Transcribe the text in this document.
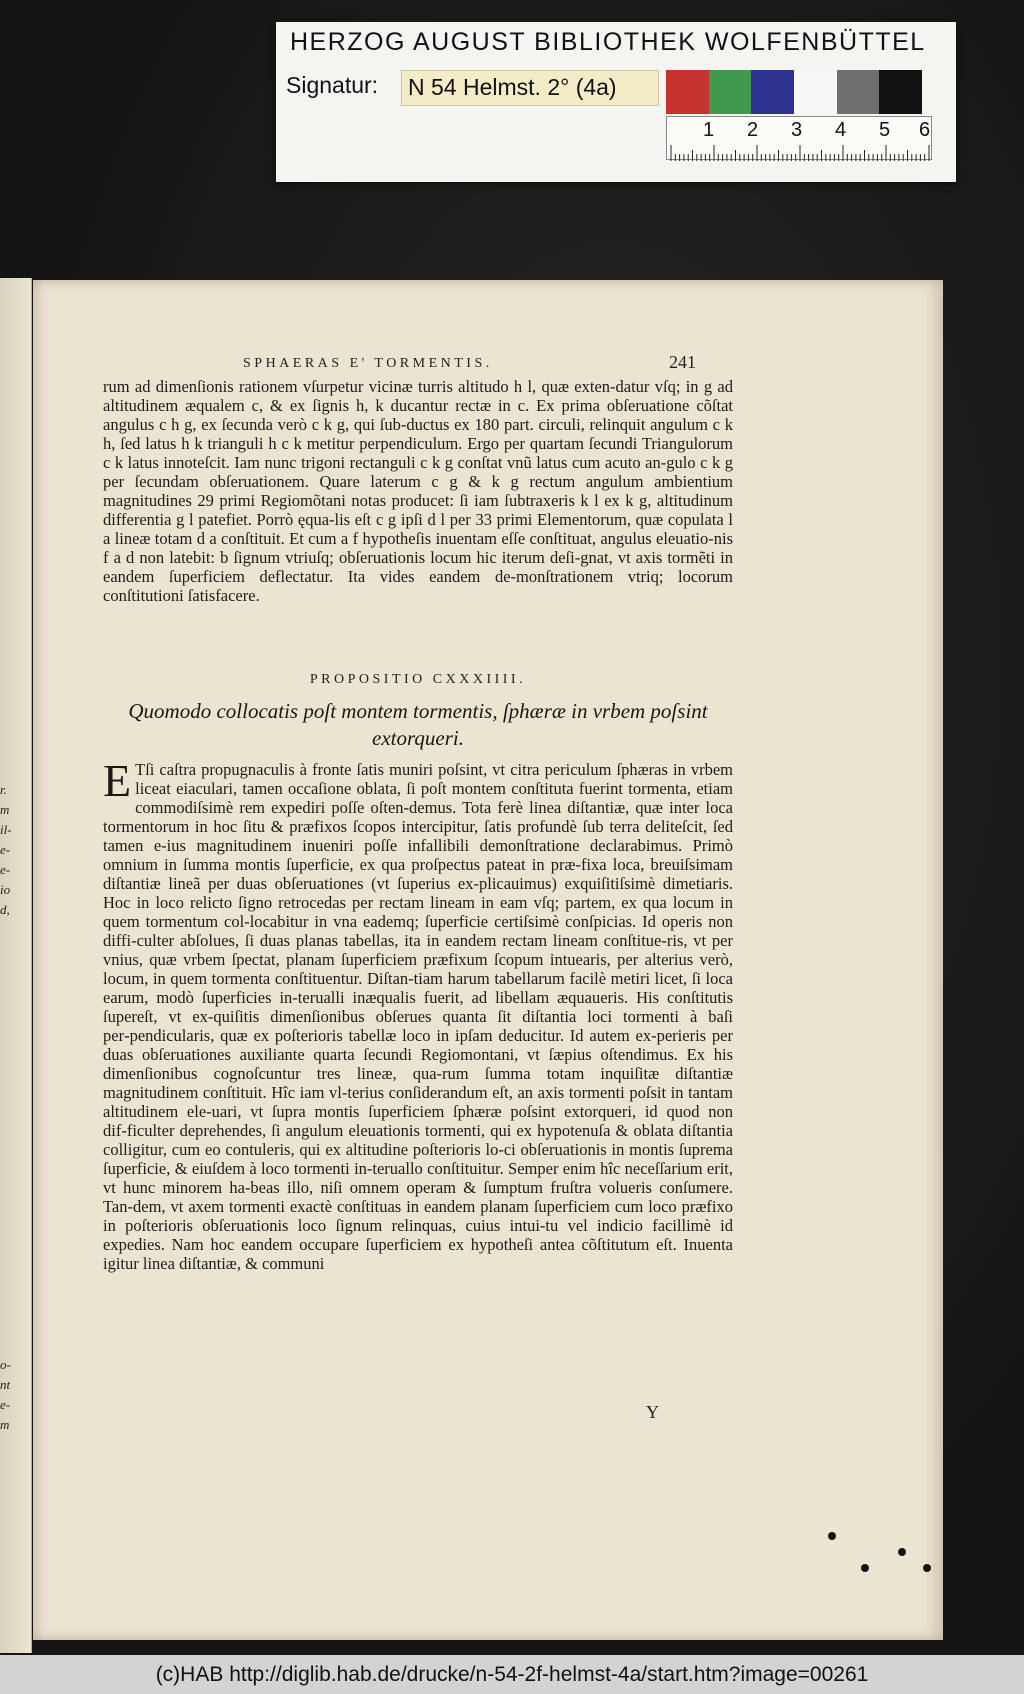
HERZOG AUGUST BIBLIOTHEK WOLFENBÜTTEL
Signatur: N 54 Helmst. 2° (4a)
1 2 3 4 5 6
r.
m
il-
e-
e-
io
d,
o-
nt
e-
m
SPHAERAS E' TORMENTIS.	241

rum ad dimenſionis rationem vſurpetur vicinæ turris altitudo h l, quæ exten‑datur vſq; in g ad altitudinem æqualem c, & ex ſignis h, k ducantur rectæ in c. Ex prima obſeruatione cõſtat angulus c h g, ex ſecunda verò c k g, qui ſub‑ductus ex 180 part. circuli, relinquit angulum c k h, ſed latus h k trianguli h c k metitur perpendiculum. Ergo per quartam ſecundi Triangulorum c k latus innoteſcit. Iam nunc trigoni rectanguli c k g conſtat vnũ latus cum acuto an‑gulo c k g per ſecundam obſeruationem. Quare laterum c g & k g rectum angulum ambientium magnitudines 29 primi Regiomõtani notas producet: ſi iam ſubtraxeris k l ex k g, altitudinum differentia g l patefiet. Porrò ęqua‑lis eſt c g ipſi d l per 33 primi Elementorum, quæ copulata l a lineæ totam d a conſtituit. Et cum a f hypotheſis inuentam eſſe conſtituat, angulus eleuatio‑nis f a d non latebit: b ſignum vtriuſq; obſeruationis locum hic iterum deſi‑gnat, vt axis tormẽti in eandem ſuperficiem deflectatur. Ita vides eandem de‑monſtrationem vtriq; locorum conſtitutioni ſatisfacere.

PROPOSITIO CXXXIIII.
Quomodo collocatis poſt montem tormentis, ſphæræ in vrbem poſsint extorqueri.
E Tſi caſtra propugnaculis à fronte ſatis muniri poſsint, vt citra periculum ſphæras in vrbem liceat eiaculari, tamen occaſione oblata, ſi poſt montem conſtituta fuerint tormenta, etiam commodiſsimè rem expediri poſſe oſten‑demus. Tota ferè linea diſtantiæ, quæ inter loca tormentorum in hoc ſitu & præfixos ſcopos intercipitur, ſatis profundè ſub terra deliteſcit, ſed tamen e‑ius magnitudinem inueniri poſſe infallibili demonſtratione declarabimus. Primò omnium in ſumma montis ſuperficie, ex qua proſpectus pateat in præ‑fixa loca, breuiſsimam diſtantiæ lineã per duas obſeruationes (vt ſuperius ex‑plicauimus) exquiſitiſsimè dimetiaris. Hoc in loco relicto ſigno retrocedas per rectam lineam in eam vſq; partem, ex qua locum in quem tormentum col‑locabitur in vna eademq; ſuperficie certiſsimè conſpicias. Id operis non diffi‑culter abſolues, ſi duas planas tabellas, ita in eandem rectam lineam conſtitue‑ris, vt per vnius, quæ vrbem ſpectat, planam ſuperficiem præfixum ſcopum intuearis, per alterius verò, locum, in quem tormenta conſtituentur. Diſtan‑tiam harum tabellarum facilè metiri licet, ſi loca earum, modò ſuperficies in‑terualli inæqualis fuerit, ad libellam æquaueris. His conſtitutis ſupereſt, vt ex‑quiſitis dimenſionibus obſerues quanta ſit diſtantia loci tormenti à baſi per‑pendicularis, quæ ex poſterioris tabellæ loco in ipſam deducitur. Id autem ex‑perieris per duas obſeruationes auxiliante quarta ſecundi Regiomontani, vt ſæpius oſtendimus. Ex his dimenſionibus cognoſcuntur tres lineæ, qua‑rum ſumma totam inquiſitæ diſtantiæ magnitudinem conſtituit. Hîc iam vl‑terius conſiderandum eſt, an axis tormenti poſsit in tantam altitudinem ele‑uari, vt ſupra montis ſuperficiem ſphæræ poſsint extorqueri, id quod non dif‑ficulter deprehendes, ſi angulum eleuationis tormenti, qui ex hypotenuſa & oblata diſtantia colligitur, cum eo contuleris, qui ex altitudine poſterioris lo‑ci obſeruationis in montis ſuprema ſuperficie, & eiuſdem à loco tormenti in‑teruallo conſtituitur. Semper enim hîc neceſſarium erit, vt hunc minorem ha‑beas illo, niſi omnem operam & ſumptum fruſtra volueris conſumere. Tan‑dem, vt axem tormenti exactè conſtituas in eandem planam ſuperficiem cum loco præfixo in poſterioris obſeruationis loco ſignum relinquas, cuius intui‑tu vel indicio facillimè id expedies. Nam hoc eandem occupare ſuperficiem ex hypotheſi antea cõſtitutum eſt. Inuenta igitur linea diſtantiæ, & communi

Y
(c)HAB http://diglib.hab.de/drucke/n-54-2f-helmst-4a/start.htm?image=00261
